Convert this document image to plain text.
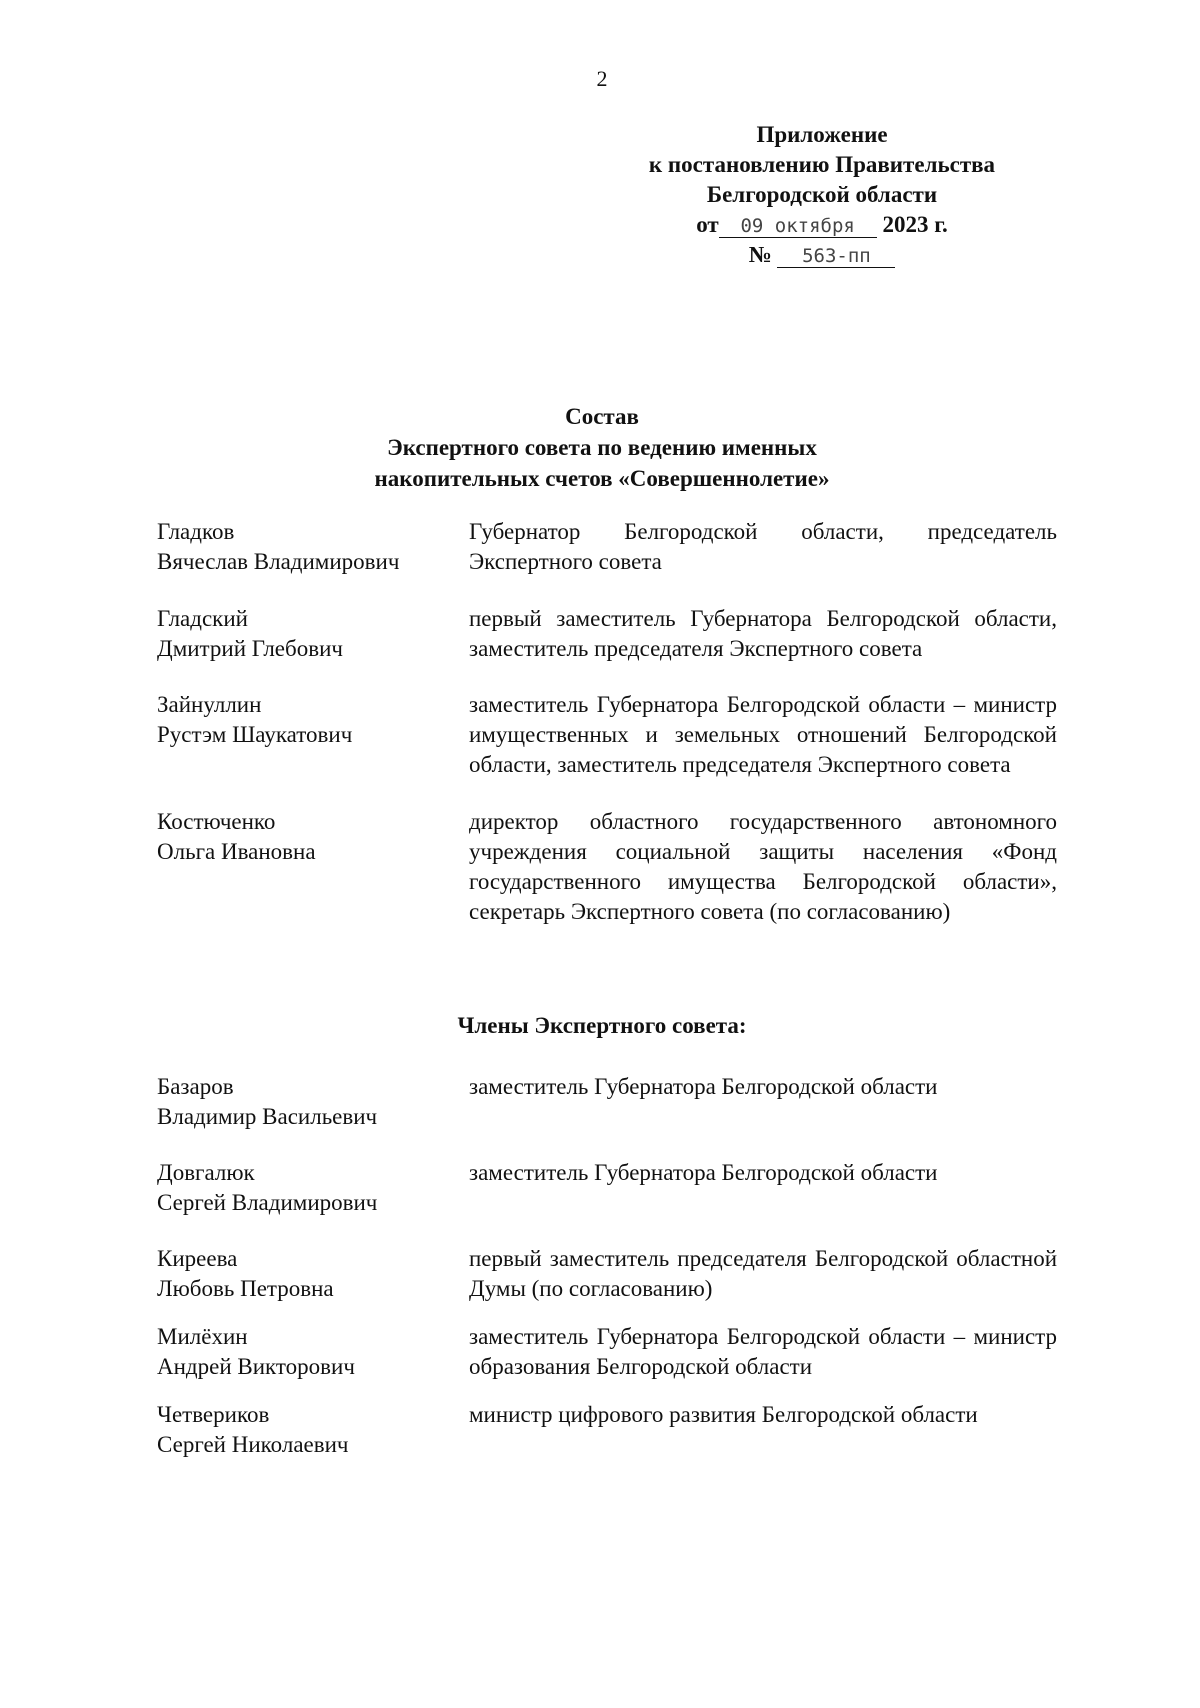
2
Приложение
к постановлению Правительства
Белгородской области
от 09 октября 2023 г.
№ 563-пп
Состав
Экспертного совета по ведению именных
накопительных счетов «Совершеннолетие»
Гладков
Вячеслав Владимирович
Губернатор Белгородской области, председатель Экспертного совета
Гладский
Дмитрий Глебович
первый заместитель Губернатора Белгородской области, заместитель председателя Экспертного совета
Зайнуллин
Рустэм Шаукатович
заместитель Губернатора Белгородской области – министр имущественных и земельных отношений Белгородской области, заместитель председателя Экспертного совета
Костюченко
Ольга Ивановна
директор областного государственного автономного учреждения социальной защиты населения «Фонд государственного имущества Белгородской области», секретарь Экспертного совета (по согласованию)
Члены Экспертного совета:
Базаров
Владимир Васильевич
заместитель Губернатора Белгородской области
Довгалюк
Сергей Владимирович
заместитель Губернатора Белгородской области
Киреева
Любовь Петровна
первый заместитель председателя Белгородской областной Думы (по согласованию)
Милёхин
Андрей Викторович
заместитель Губернатора Белгородской области – министр образования Белгородской области
Четвериков
Сергей Николаевич
министр цифрового развития Белгородской области
